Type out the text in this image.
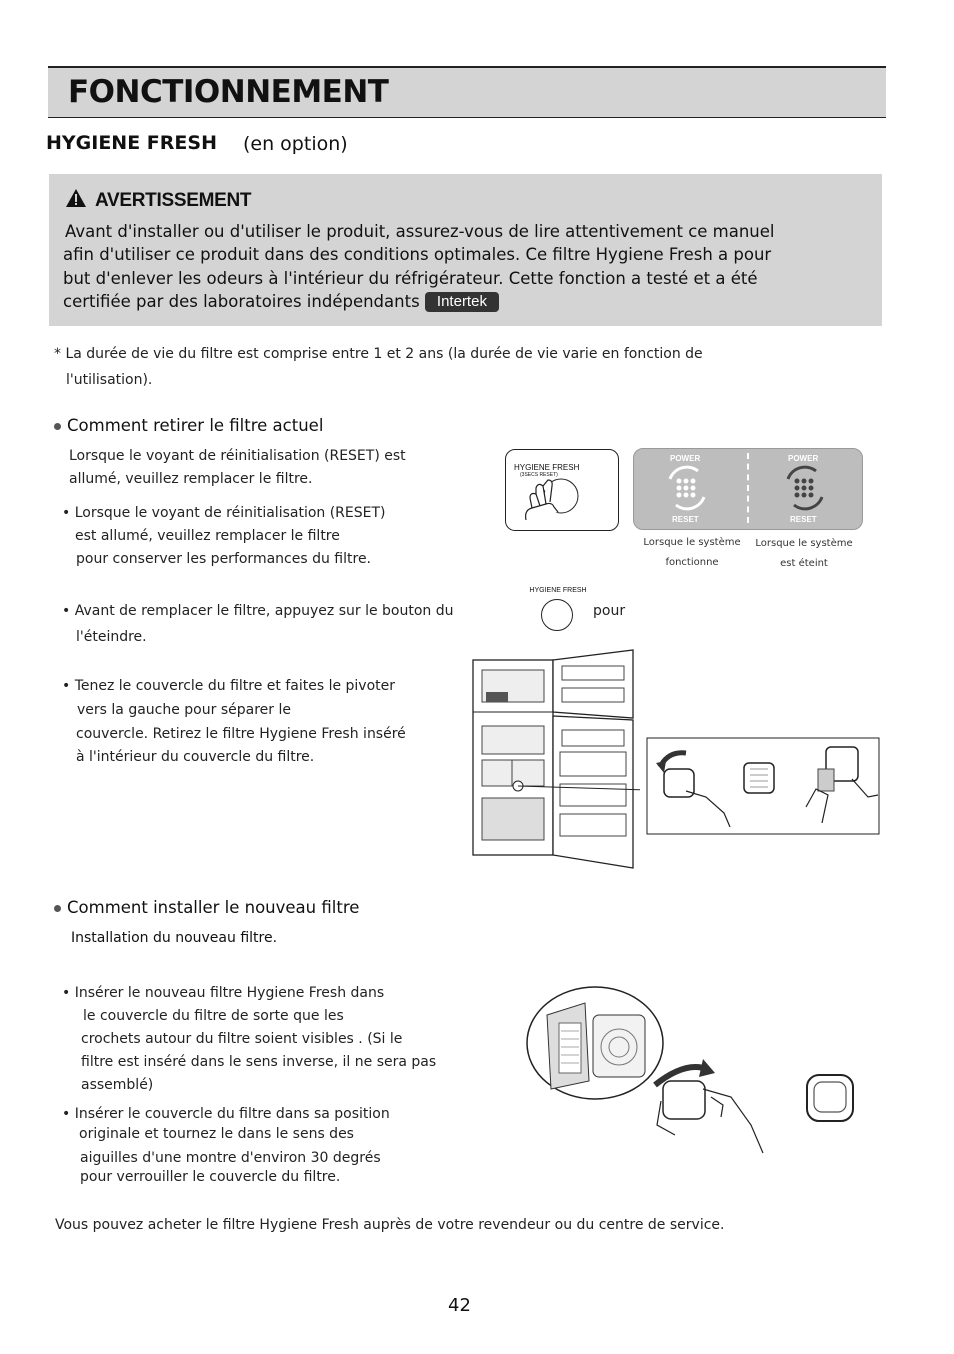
FONCTIONNEMENT
HYGIENE FRESH (en option)
AVERTISSEMENT
Avant d'installer ou d'utiliser le produit, assurez-vous de lire attentivement ce manuel
afin d'utiliser ce produit dans des conditions optimales. Ce filtre Hygiene Fresh a pour
but d'enlever les odeurs à l'intérieur du réfrigérateur. Cette fonction a testé et a été
certifiée par des laboratoires indépendants Intertek
* La durée de vie du filtre est comprise entre 1 et 2 ans (la durée de vie varie en fonction de
l'utilisation).
Comment retirer le filtre actuel
Lorsque le voyant de réinitialisation (RESET) est
allumé, veuillez remplacer le filtre.
• Lorsque le voyant de réinitialisation (RESET)
est allumé, veuillez remplacer le filtre
pour conserver les performances du filtre.
• Avant de remplacer le filtre, appuyez sur le bouton du
l'éteindre.
pour
HYGIENE FRESH
• Tenez le couvercle du filtre et faites le pivoter
vers la gauche pour séparer le
couvercle. Retirez le filtre Hygiene Fresh inséré
à l'intérieur du couvercle du filtre.
HYGIENE FRESH
(3SECS RESET)
POWER	POWER
RESET	RESET
Lorsque le système
fonctionne
Lorsque le système
est éteint
Comment installer le nouveau filtre
Installation du nouveau filtre.
• Insérer le nouveau filtre Hygiene Fresh dans
le couvercle du filtre de sorte que les
crochets autour du filtre soient visibles . (Si le
filtre est inséré dans le sens inverse, il ne sera pas
assemblé)
• Insérer le couvercle du filtre dans sa position
originale et tournez le dans le sens des
aiguilles d'une montre d'environ 30 degrés
pour verrouiller le couvercle du filtre.
Vous pouvez acheter le filtre Hygiene Fresh auprès de votre revendeur ou du centre de service.
42
